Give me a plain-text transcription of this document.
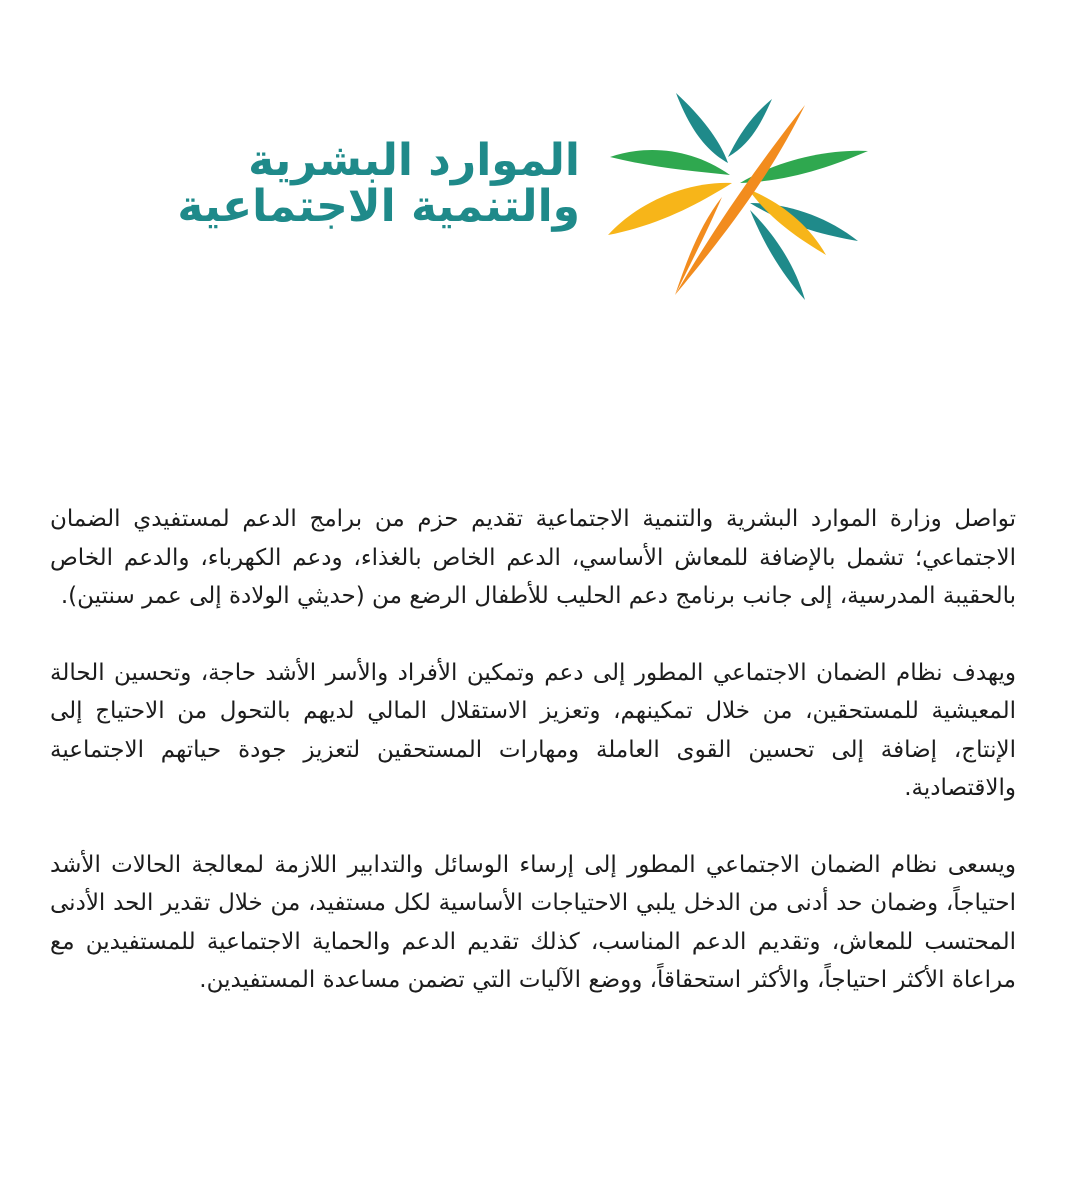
الموارد البشرية
والتنمية الاجتماعية

تواصل وزارة الموارد البشرية والتنمية الاجتماعية تقديم حزم من برامج الدعم لمستفيدي الضمان الاجتماعي؛ تشمل بالإضافة للمعاش الأساسي، الدعم الخاص بالغذاء، ودعم الكهرباء، والدعم الخاص بالحقيبة المدرسية، إلى جانب برنامج دعم الحليب للأطفال الرضع من (حديثي الولادة إلى عمر سنتين).

ويهدف نظام الضمان الاجتماعي المطور إلى دعم وتمكين الأفراد والأسر الأشد حاجة، وتحسين الحالة المعيشية للمستحقين، من خلال تمكينهم، وتعزيز الاستقلال المالي لديهم بالتحول من الاحتياج إلى الإنتاج، إضافة إلى تحسين القوى العاملة ومهارات المستحقين لتعزيز جودة حياتهم الاجتماعية والاقتصادية.

ويسعى نظام الضمان الاجتماعي المطور إلى إرساء الوسائل والتدابير اللازمة لمعالجة الحالات الأشد احتياجاً، وضمان حد أدنى من الدخل يلبي الاحتياجات الأساسية لكل مستفيد، من خلال تقدير الحد الأدنى المحتسب للمعاش، وتقديم الدعم المناسب، كذلك تقديم الدعم والحماية الاجتماعية للمستفيدين مع مراعاة الأكثر احتياجاً، والأكثر استحقاقاً، ووضع الآليات التي تضمن مساعدة المستفيدين.
